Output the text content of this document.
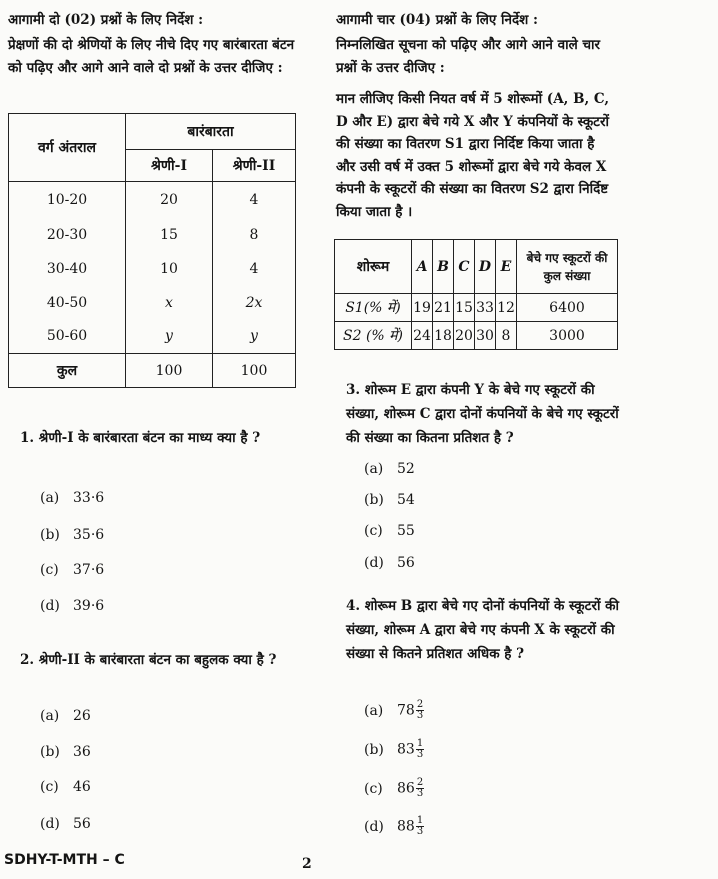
आगामी दो (02) प्रश्नों के लिए निर्देश :
प्रेक्षणों की दो श्रेणियों के लिए नीचे दिए गए बारंबारता बंटन को पढ़िए और आगे आने वाले दो प्रश्नों के उत्तर दीजिए :
वर्ग अंतराल	बारंबारता	
	श्रेणी-I	श्रेणी-II
10-20	20	4
20-30	15	8
30-40	10	4
40-50	x	2x
50-60	y	y
कुल	100	100
1. श्रेणी-I के बारंबारता बंटन का माध्य क्या है ?
(a) 33·6
(b) 35·6
(c) 37·6
(d) 39·6
2. श्रेणी-II के बारंबारता बंटन का बहुलक क्या है ?
(a) 26
(b) 36
(c) 46
(d) 56
आगामी चार (04) प्रश्नों के लिए निर्देश :
निम्नलिखित सूचना को पढ़िए और आगे आने वाले चार प्रश्नों के उत्तर दीजिए :
मान लीजिए किसी नियत वर्ष में 5 शोरूमों (A, B, C, D और E) द्वारा बेचे गये X और Y कंपनियों के स्कूटरों की संख्या का वितरण S1 द्वारा निर्दिष्ट किया जाता है और उसी वर्ष में उक्त 5 शोरूमों द्वारा बेचे गये केवल X कंपनी के स्कूटरों की संख्या का वितरण S2 द्वारा निर्दिष्ट किया जाता है ।
शोरूम	A	B	C	D	E	बेचे गए स्कूटरों की कुल संख्या
S1(% में)	19	21	15	33	12	6400
S2 (% में)	24	18	20	30	8	3000
3. शोरूम E द्वारा कंपनी Y के बेचे गए स्कूटरों की संख्या, शोरूम C द्वारा दोनों कंपनियों के बेचे गए स्कूटरों की संख्या का कितना प्रतिशत है ?
(a) 52
(b) 54
(c) 55
(d) 56
4. शोरूम B द्वारा बेचे गए दोनों कंपनियों के स्कूटरों की संख्या, शोरूम A द्वारा बेचे गए कंपनी X के स्कूटरों की संख्या से कितने प्रतिशत अधिक है ?
(a) $78 \frac{2}{3}$
(b) $83 \frac{1}{3}$
(c) $86 \frac{2}{3}$
(d) $88 \frac{1}{3}$
SDHY-T-MTH – C	2
